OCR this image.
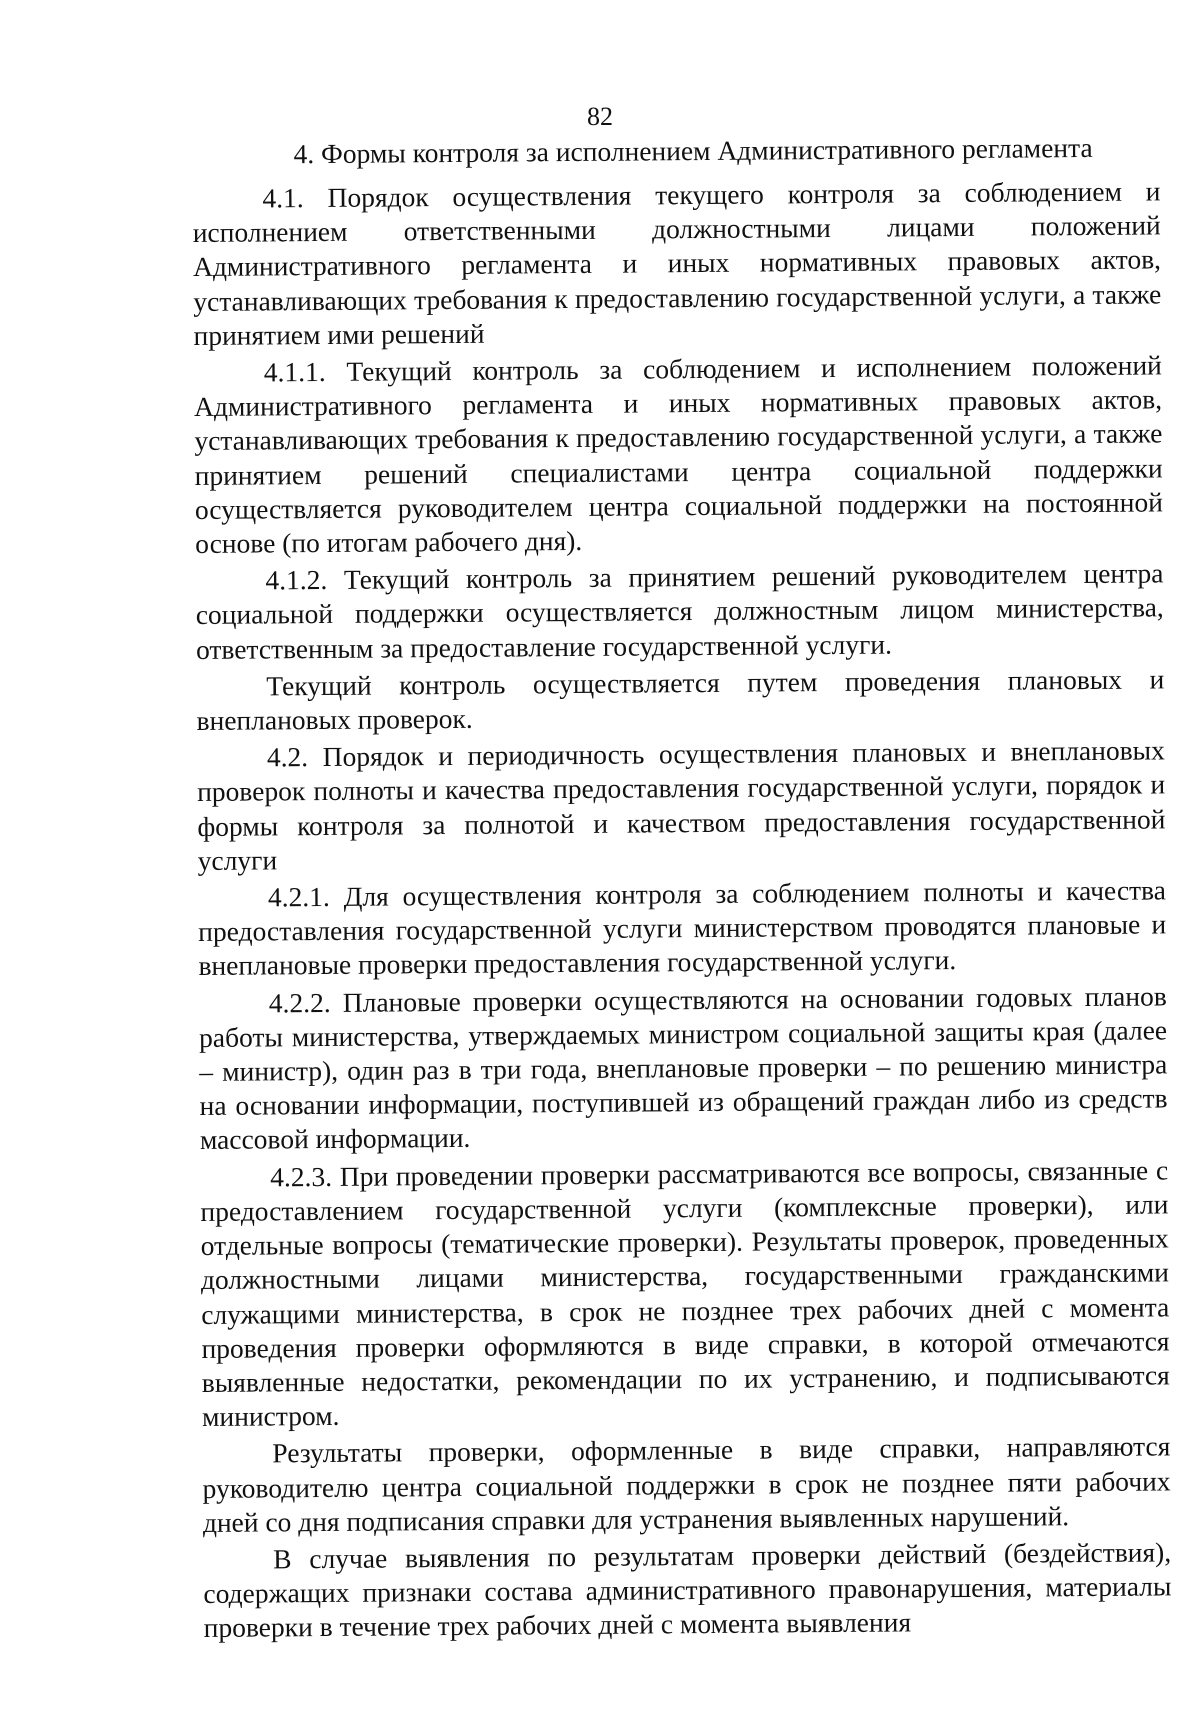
82
4. Формы контроля за исполнением Административного регламента

4.1. Порядок осуществления текущего контроля за соблюдением и исполнением ответственными должностными лицами положений Административного регламента и иных нормативных правовых актов, устанавливающих требования к предоставлению государственной услуги, а также принятием ими решений

4.1.1. Текущий контроль за соблюдением и исполнением положений Административного регламента и иных нормативных правовых актов, устанавливающих требования к предоставлению государственной услуги, а также принятием решений специалистами центра социальной поддержки осуществляется руководителем центра социальной поддержки на постоянной основе (по итогам рабочего дня).

4.1.2. Текущий контроль за принятием решений руководителем центра социальной поддержки осуществляется должностным лицом министерства, ответственным за предоставление государственной услуги.

Текущий контроль осуществляется путем проведения плановых и внеплановых проверок.

4.2. Порядок и периодичность осуществления плановых и внеплановых проверок полноты и качества предоставления государственной услуги, порядок и формы контроля за полнотой и качеством предоставления государственной услуги

4.2.1. Для осуществления контроля за соблюдением полноты и качества предоставления государственной услуги министерством проводятся плановые и внеплановые проверки предоставления государственной услуги.

4.2.2. Плановые проверки осуществляются на основании годовых планов работы министерства, утверждаемых министром социальной защиты края (далее – министр), один раз в три года, внеплановые проверки – по решению министра на основании информации, поступившей из обращений граждан либо из средств массовой информации.

4.2.3. При проведении проверки рассматриваются все вопросы, связанные с предоставлением государственной услуги (комплексные проверки), или отдельные вопросы (тематические проверки). Результаты проверок, проведенных должностными лицами министерства, государственными гражданскими служащими министерства, в срок не позднее трех рабочих дней с момента проведения проверки оформляются в виде справки, в которой отмечаются выявленные недостатки, рекомендации по их устранению, и подписываются министром.

Результаты проверки, оформленные в виде справки, направляются руководителю центра социальной поддержки в срок не позднее пяти рабочих дней со дня подписания справки для устранения выявленных нарушений.

В случае выявления по результатам проверки действий (бездействия), содержащих признаки состава административного правонарушения, материалы проверки в течение трех рабочих дней с момента выявления
